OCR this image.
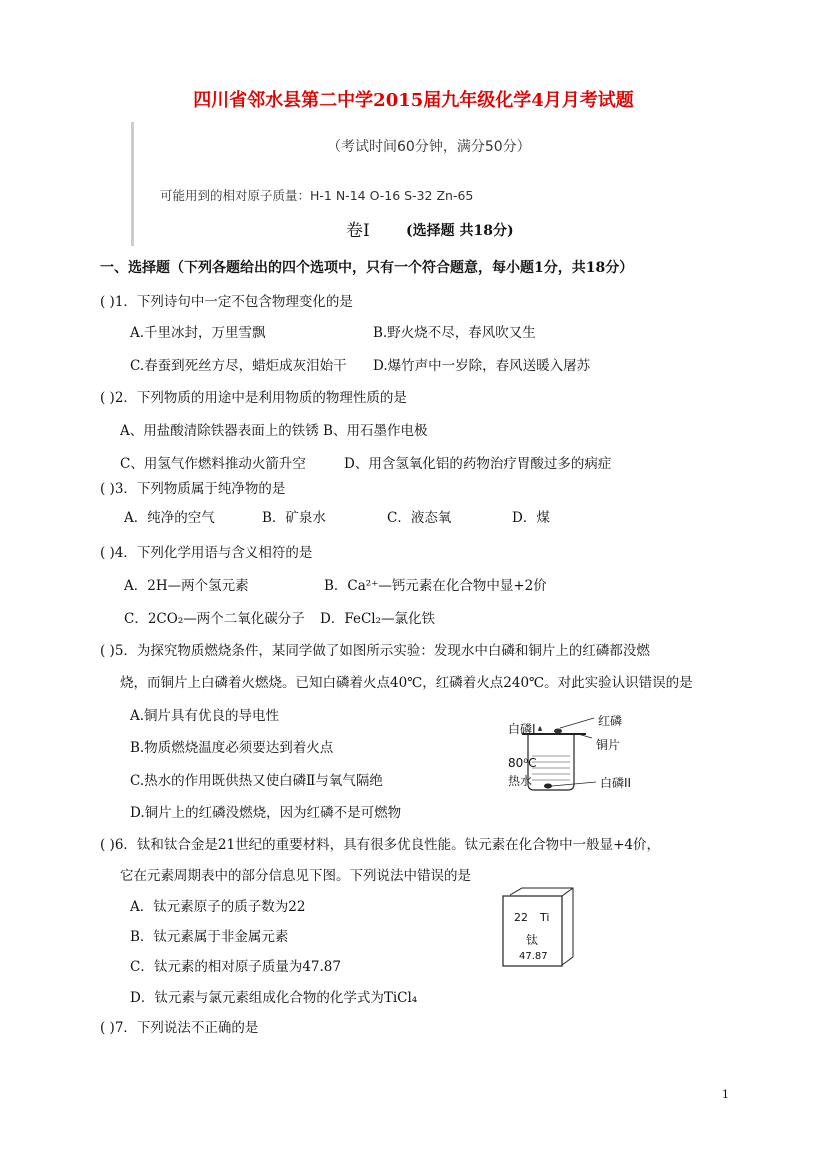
四川省邻水县第二中学2015届九年级化学4月月考试题
（考试时间60分钟，满分50分）
可能用到的相对原子质量：H-1 N-14 O-16 S-32 Zn-65
卷Ⅰ	(选择题 共18分)
一、选择题（下列各题给出的四个选项中，只有一个符合题意，每小题1分，共18分）
( )1．下列诗句中一定不包含物理变化的是
A.千里冰封，万里雪飘	B.野火烧不尽，春风吹又生
C.春蚕到死丝方尽，蜡炬成灰泪始干 D.爆竹声中一岁除，春风送暖入屠苏
( )2．下列物质的用途中是利用物质的物理性质的是
A、用盐酸清除铁器表面上的铁锈 B、用石墨作电极
C、用氢气作燃料推动火箭升空	D、用含氢氧化铝的药物治疗胃酸过多的病症
( )3．下列物质属于纯净物的是
A．纯净的空气	B．矿泉水	C．液态氧	D．煤
( )4．下列化学用语与含义相符的是
A．2H—两个氢元素	B．Ca²⁺—钙元素在化合物中显+2价
C．2CO₂—两个二氧化碳分子 D．FeCl₂—氯化铁
( )5．为探究物质燃烧条件，某同学做了如图所示实验：发现水中白磷和铜片上的红磷都没燃
烧，而铜片上白磷着火燃烧。已知白磷着火点40℃，红磷着火点240℃。对此实验认识错误的是
A.铜片具有优良的导电性
B.物质燃烧温度必须要达到着火点
C.热水的作用既供热又使白磷Ⅱ与氧气隔绝
D.铜片上的红磷没燃烧，因为红磷不是可燃物
白磷Ⅰ
红磷
铜片
80⁰C
热水	白磷II
( )6．钛和钛合金是21世纪的重要材料，具有很多优良性能。钛元素在化合物中一般显+4价，
它在元素周期表中的部分信息见下图。下列说法中错误的是
A．钛元素原子的质子数为22
B．钛元素属于非金属元素
C．钛元素的相对原子质量为47.87
D．钛元素与氯元素组成化合物的化学式为TiCl₄
22 Ti
钛
47.87
( )7．下列说法不正确的是
1
